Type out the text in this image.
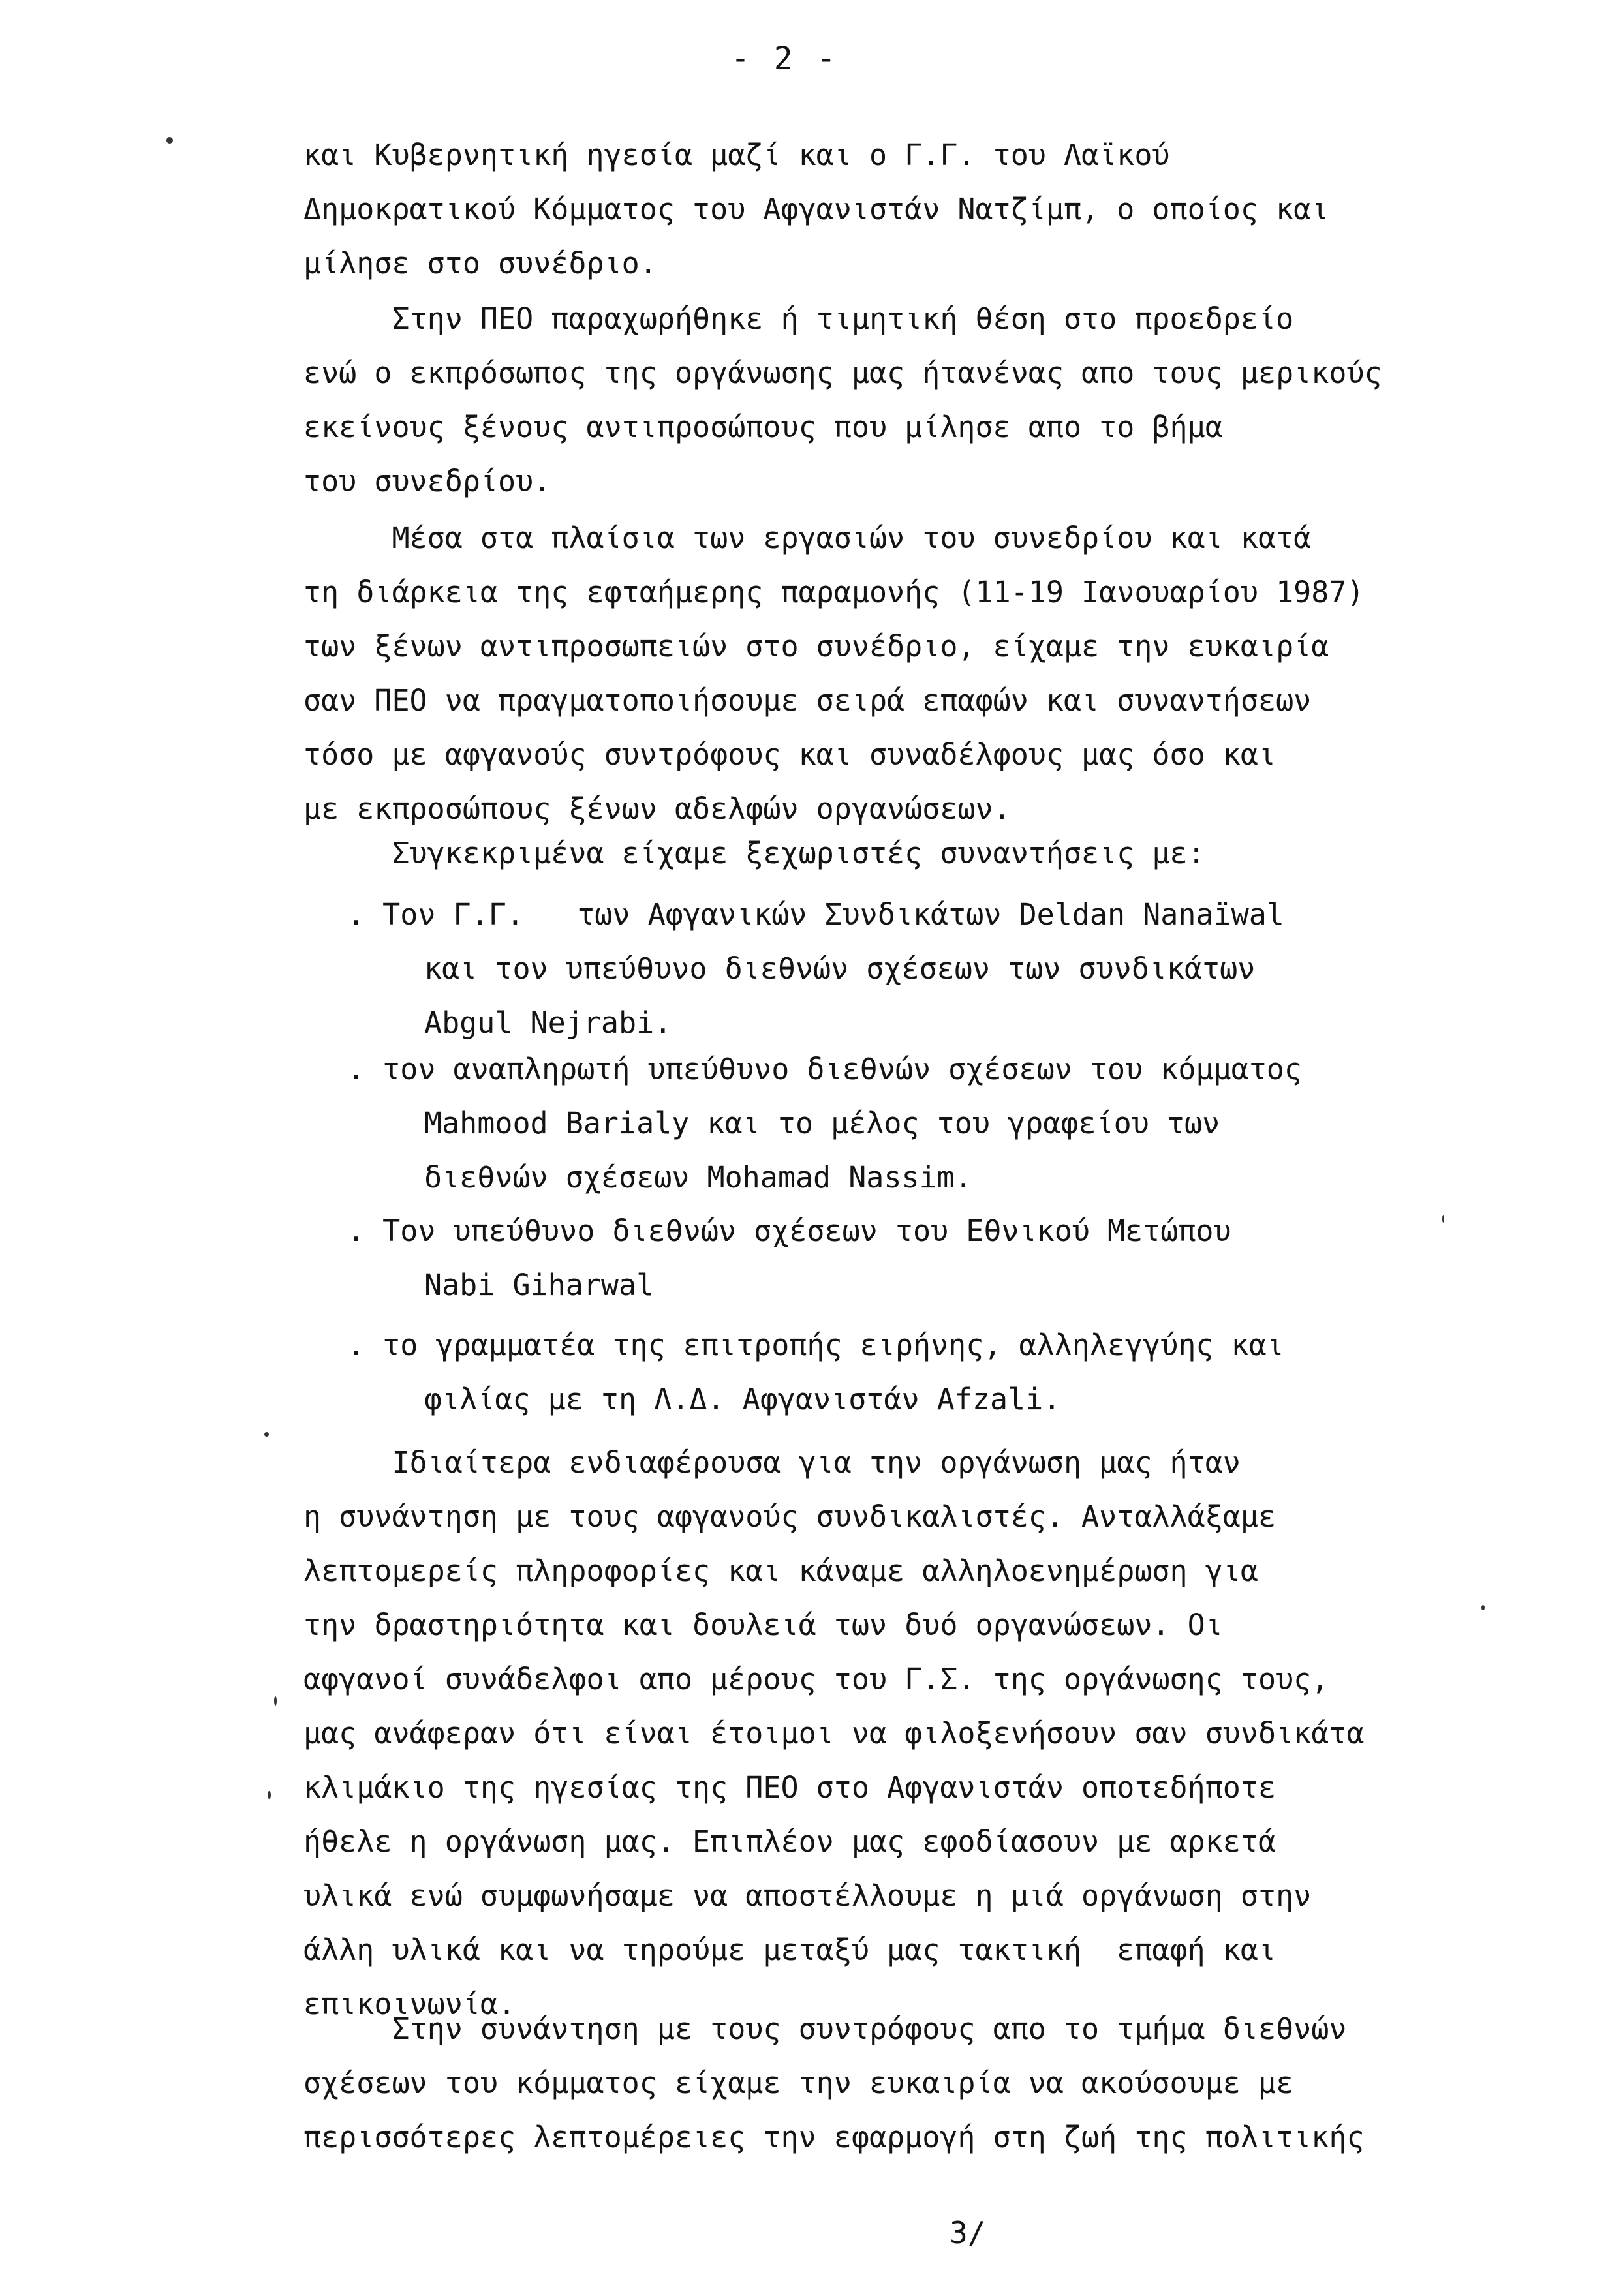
- 2 -
και Κυβερνητική ηγεσία μαζί και ο Γ.Γ. του Λαϊκού
Δημοκρατικού Κόμματος του Αφγανιστάν Νατζίμπ, ο οποίος και
μίλησε στο συνέδριο.
Στην ΠΕΟ παραχωρήθηκε ή τιμητική θέση στο προεδρείο
ενώ ο εκπρόσωπος της οργάνωσης μας ήτανένας απο τους μερικούς
εκείνους ξένους αντιπροσώπους που μίλησε απο το βήμα
του συνεδρίου.
Μέσα στα πλαίσια των εργασιών του συνεδρίου και κατά
τη διάρκεια της εφταήμερης παραμονής (11-19 Ιανουαρίου 1987)
των ξένων αντιπροσωπειών στο συνέδριο, είχαμε την ευκαιρία
σαν ΠΕΟ να πραγματοποιήσουμε σειρά επαφών και συναντήσεων
τόσο με αφγανούς συντρόφους και συναδέλφους μας όσο και
με εκπροσώπους ξένων αδελφών οργανώσεων.
Συγκεκριμένα είχαμε ξεχωριστές συναντήσεις με:
. Τον Γ.Γ.   των Αφγανικών Συνδικάτων Deldan Nanaïwal
και τον υπεύθυνο διεθνών σχέσεων των συνδικάτων
Abgul Nejrabi.
. τον αναπληρωτή υπεύθυνο διεθνών σχέσεων του κόμματος
Mahmood Barialy και το μέλος του γραφείου των
διεθνών σχέσεων Mohamad Nassim.
. Τον υπεύθυνο διεθνών σχέσεων του Εθνικού Μετώπου
Nabi Giharwal
. το γραμματέα της επιτροπής ειρήνης, αλληλεγγύης και
φιλίας με τη Λ.Δ. Αφγανιστάν Afzali.
Ιδιαίτερα ενδιαφέρουσα για την οργάνωση μας ήταν
η συνάντηση με τους αφγανούς συνδικαλιστές. Ανταλλάξαμε
λεπτομερείς πληροφορίες και κάναμε αλληλοενημέρωση για
την δραστηριότητα και δουλειά των δυό οργανώσεων. Οι
αφγανοί συνάδελφοι απο μέρους του Γ.Σ. της οργάνωσης τους,
μας ανάφεραν ότι είναι έτοιμοι να φιλοξενήσουν σαν συνδικάτα
κλιμάκιο της ηγεσίας της ΠΕΟ στο Αφγανιστάν οποτεδήποτε
ήθελε η οργάνωση μας. Επιπλέον μας εφοδίασουν με αρκετά
υλικά ενώ συμφωνήσαμε να αποστέλλουμε η μιά οργάνωση στην
άλλη υλικά και να τηρούμε μεταξύ μας τακτική  επαφή και
επικοινωνία.
Στην συνάντηση με τους συντρόφους απο το τμήμα διεθνών
σχέσεων του κόμματος είχαμε την ευκαιρία να ακούσουμε με
περισσότερες λεπτομέρειες την εφαρμογή στη ζωή της πολιτικής
3/
